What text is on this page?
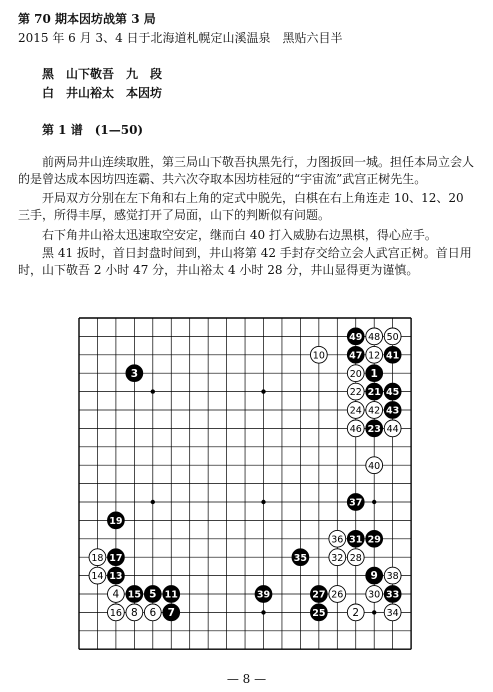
第 70 期本因坊战第 3 局
2015 年 6 月 3、4 日于北海道札幌定山溪温泉　黑贴六目半
黑　山下敬吾　九　段
白　井山裕太　本因坊
第 1 谱　(1—50)
前两局井山连续取胜，第三局山下敬吾执黑先行，力图扳回一城。担任本局立会人的是曾达成本因坊四连霸、共六次夺取本因坊桂冠的“宇宙流”武宫正树先生。
开局双方分别在左下角和右上角的定式中脱先，白棋在右上角连走 10、12、20 三手，所得丰厚，感觉打开了局面，山下的判断似有问题。
右下角井山裕太迅速取空安定，继而白 40 打入威胁右边黑棋，得心应手。
黑 41 扳时，首日封盘时间到，井山将第 42 手封存交给立会人武宫正树。首日用时，山下敬吾 2 小时 47 分，井山裕太 4 小时 28 分，井山显得更为谨慎。
49 48 50
10	47 12 41
3	20 1
22 21 45
24 42 43
46 23 44
40
37
19
36 31 29
18 17	35	32 28
14 13	9 38
4 15 5 11	39	27 26	30 33
16 8 6 7	25	2	34
— 8 —
